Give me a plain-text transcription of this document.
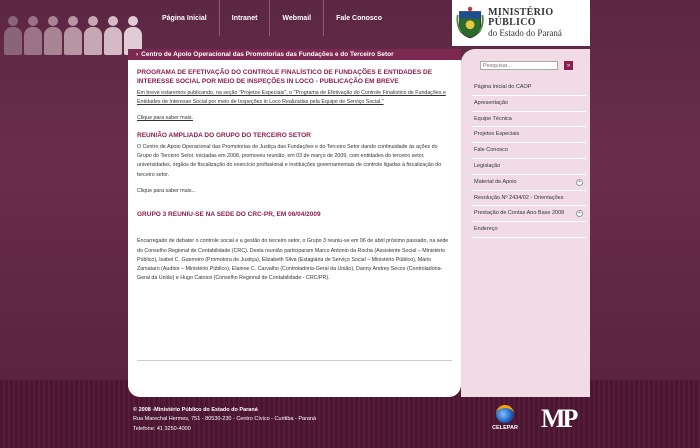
Página Inicial	Intranet	Webmail	Fale Conosco
MINISTÉRIO PÚBLICO
do Estado do Paraná
› Centro de Apoio Operacional das Promotorias das Fundações e do Terceiro Setor
PROGRAMA DE EFETIVAÇÃO DO CONTROLE FINALÍSTICO DE FUNDAÇÕES E ENTIDADES DE INTERESSE SOCIAL POR MEIO DE INSPEÇÕES IN LOCO - PUBLICAÇÃO EM BREVE
Em breve estaremos publicando, na seção "Projetos Especiais", o "Programa de Efetivação do Controle Finalístico de Fundações e Entidades de Interesse Social por meio de Inspeções in Loco Realizadas pela Equipe de Serviço Social."
Clique para saber mais.
REUNIÃO AMPLIADA DO GRUPO DO TERCEIRO SETOR
O Centro de Apoio Operacional das Promotorias de Justiça das Fundações e do Terceiro Setor dando continuidade às ações do Grupo do Terceiro Setor, iniciadas em 2008, promoveu reunião, em 03 de março de 2009, com entidades do terceiro setor, universidades, órgãos de fiscalização do exercício profissional e instituições governamentais de controle ligadas à fiscalização do terceiro setor.
Clique para saber mais...
GRUPO 3 REUNIU-SE NA SEDE DO CRC-PR, EM 06/04/2009
Encarregado de debater o controle social e a gestão do terceiro setor, o Grupo 3 reuniu-se em 06 de abril próximo passado, na sede do Conselho Regional de Contabilidade (CRC). Desta reunião participaram Marco Antonio da Rocha (Assistente Social – Ministério Público), Isabel C. Guerreiro (Promotora de Justiça), Elizabeth Silva (Estagiária de Serviço Social – Ministério Público), Mário Zamataro (Auditor – Ministério Público), Elainne C. Carvalho (Controladoria-Geral da União), Danny Andrey Secco (Controladoria-Geral da União) e Hugo Catossi (Conselho Regional de Contabilidade - CRC/PR).
Pesquisar...
»
Página Inicial do CAOP
Apresentação
Equipe Técnica
Projetos Especiais
Fale Conosco
Legislação
Material de Apoio	+
Resolução Nº 2434/02 - Orientações
Prestação de Contas Ano Base 2008	+
Endereço
© 2008 -Ministério Público do Estado do Paraná
Rua Marechal Hermes, 751 - 80530-230 - Centro Cívico - Curitiba - Paraná
Telefone: 41 3250-4000	CELEPAR MP
